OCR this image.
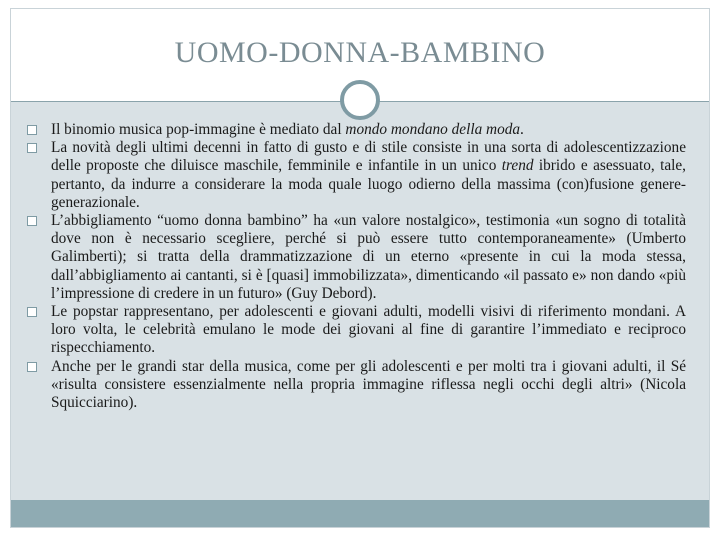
UOMO-DONNA-BAMBINO

Il binomio musica pop-immagine è mediato dal mondo mondano della moda.

La novità degli ultimi decenni in fatto di gusto e di stile consiste in una sorta di adolescentizzazione delle proposte che diluisce maschile, femminile e infantile in un unico trend ibrido e asessuato, tale, pertanto, da indurre a considerare la moda quale luogo odierno della massima (con)fusione genere-generazionale.

L’abbigliamento “uomo donna bambino” ha «un valore nostalgico», testimonia «un sogno di totalità dove non è necessario scegliere, perché si può essere tutto contemporaneamente» (Umberto Galimberti); si tratta della drammatizzazione di un eterno «presente in cui la moda stessa, dall’abbigliamento ai cantanti, si è [quasi] immobilizzata», dimenticando «il passato e» non dando «più l’impressione di credere in un futuro» (Guy Debord).

Le popstar rappresentano, per adolescenti e giovani adulti, modelli visivi di riferimento mondani. A loro volta, le celebrità emulano le mode dei giovani al fine di garantire l’immediato e reciproco rispecchiamento.

Anche per le grandi star della musica, come per gli adolescenti e per molti tra i giovani adulti, il Sé «risulta consistere essenzialmente nella propria immagine riflessa negli occhi degli altri» (Nicola Squicciarino).
